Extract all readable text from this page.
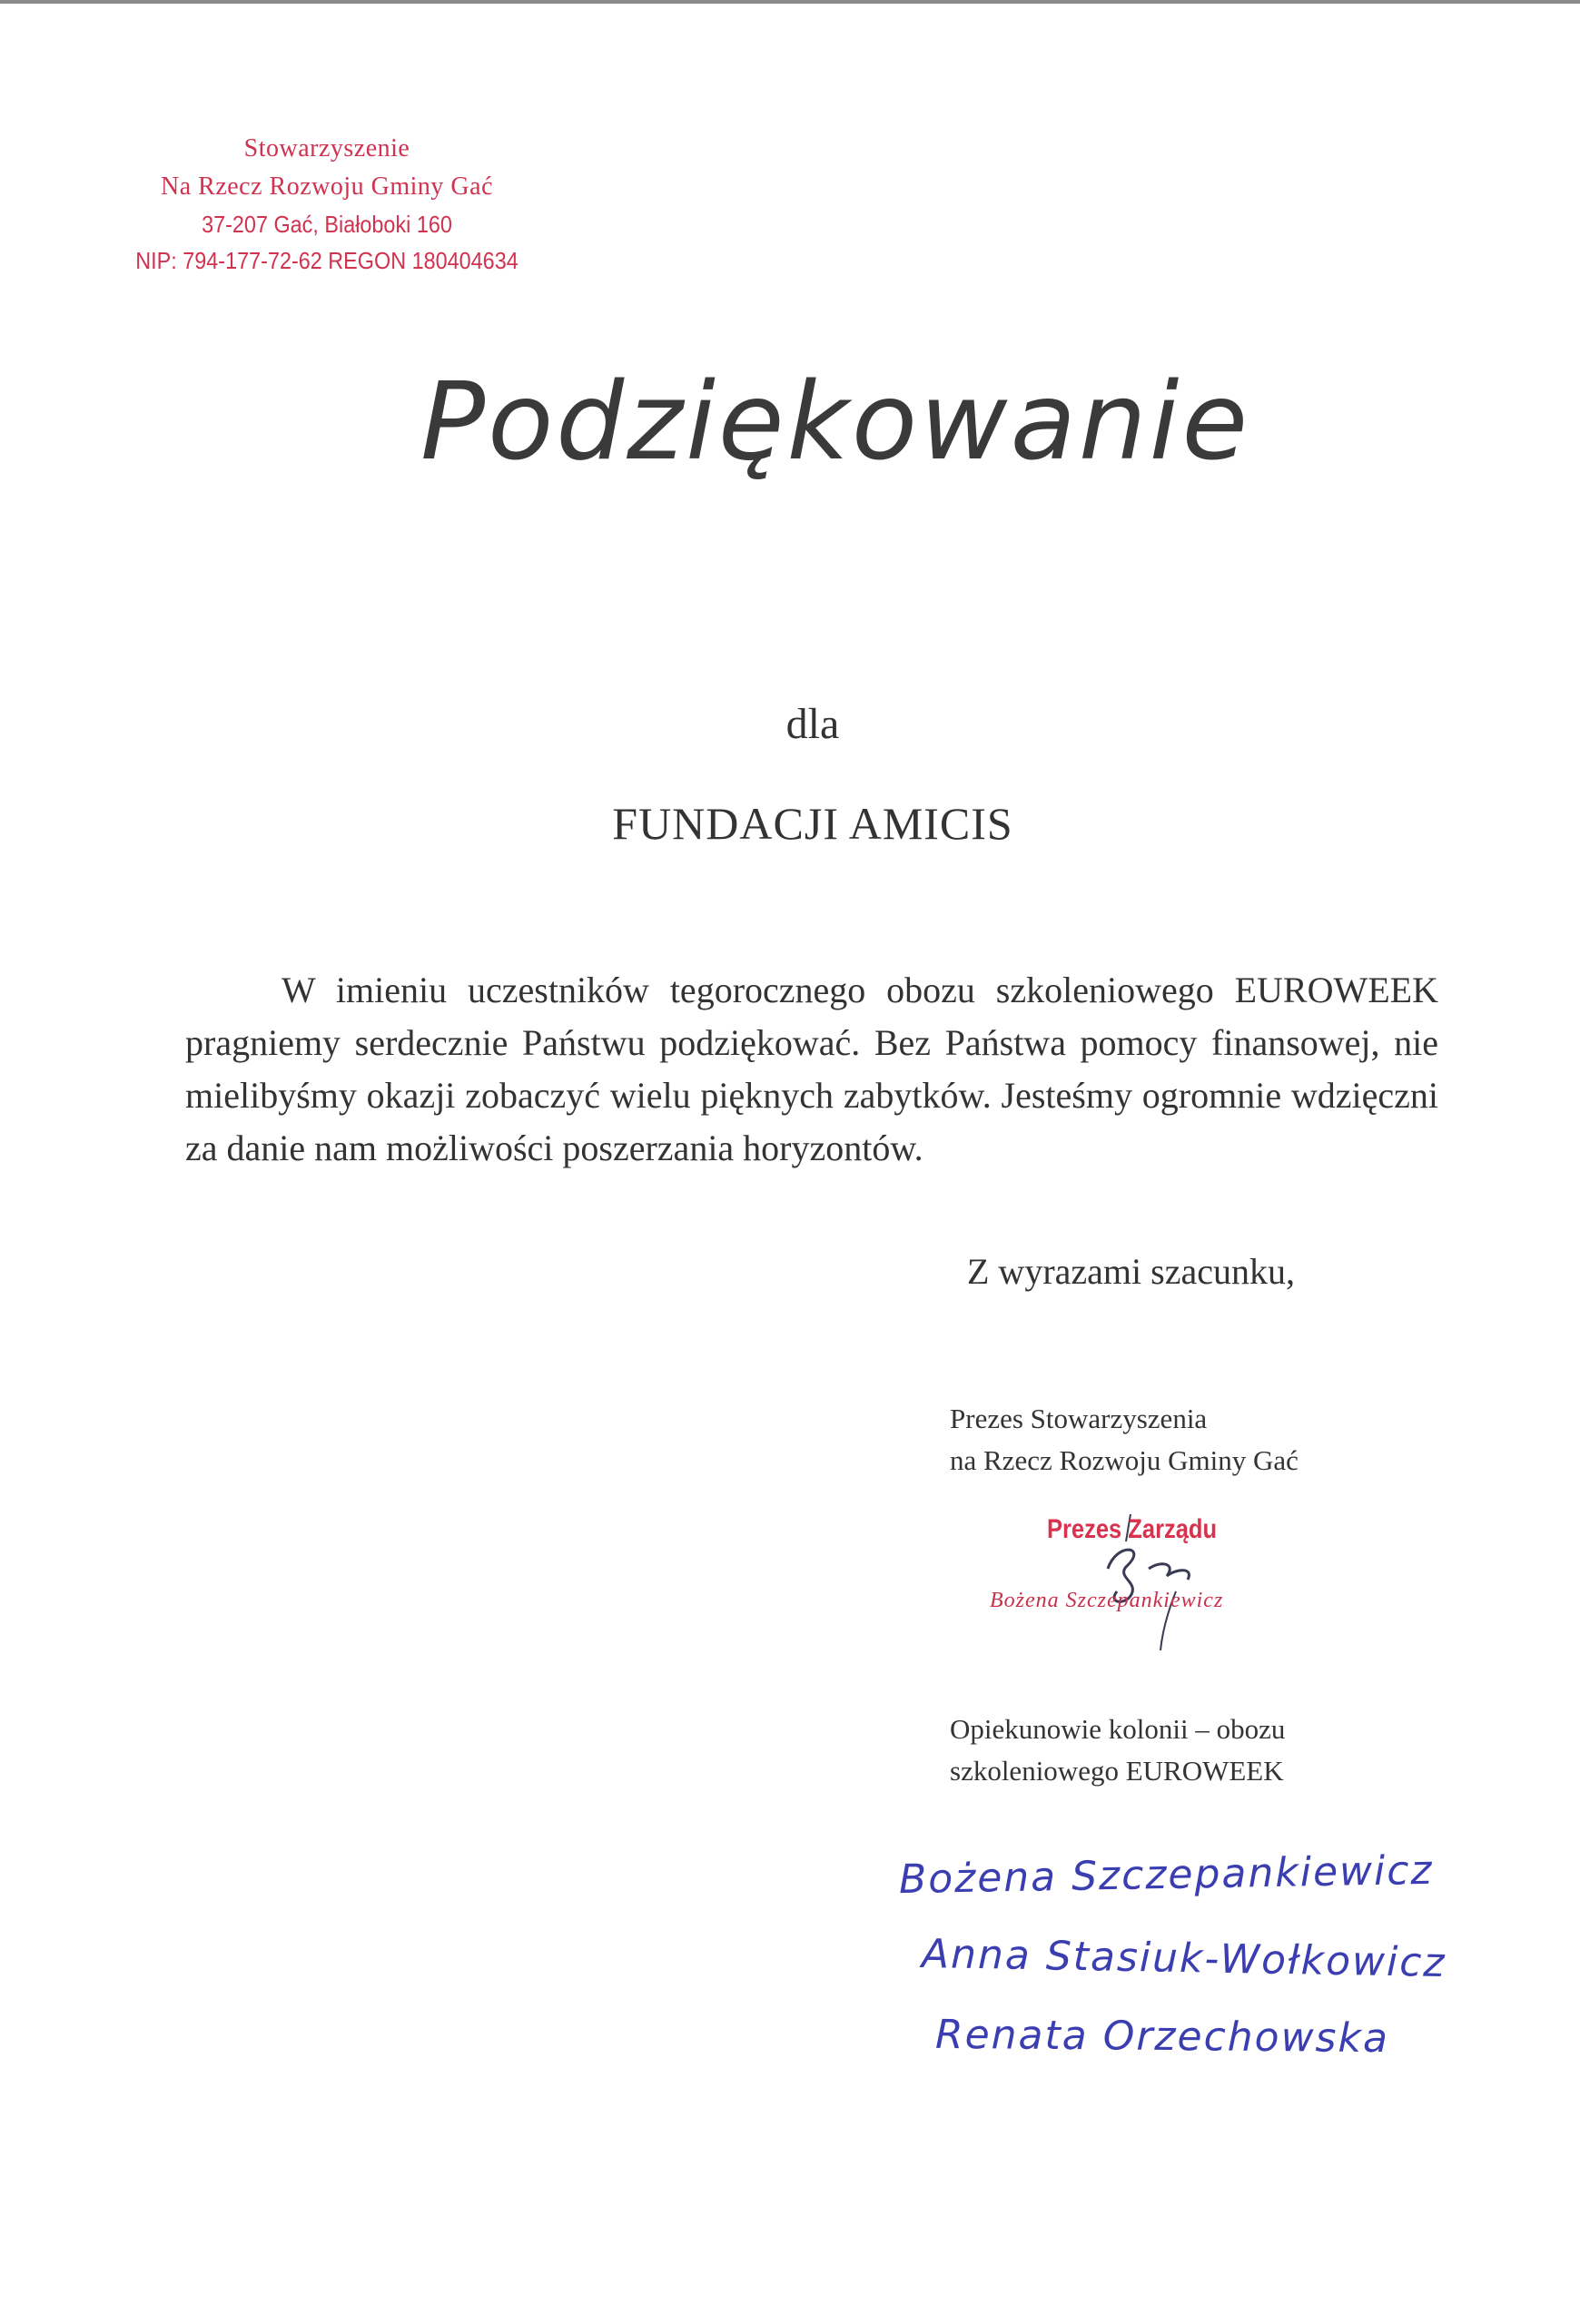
Stowarzyszenie
Na Rzecz Rozwoju Gminy Gać
37-207 Gać, Białoboki 160
NIP: 794-177-72-62 REGON 180404634
Podziękowanie
dla
FUNDACJI AMICIS

W imieniu uczestników tegorocznego obozu szkoleniowego EUROWEEK pragniemy serdecznie Państwu podziękować. Bez Państwa pomocy finansowej, nie mielibyśmy okazji zobaczyć wielu pięknych zabytków. Jesteśmy ogromnie wdzięczni za danie nam możliwości poszerzania horyzontów.

Z wyrazami szacunku,
Prezes Stowarzyszenia
na Rzecz Rozwoju Gminy Gać
Prezes Zarządu
Bożena Szczepankiewicz
Opiekunowie kolonii – obozu
szkoleniowego EUROWEEK
Bożena Szczepankiewicz
Anna Stasiuk-Wołkowicz
Renata Orzechowska
